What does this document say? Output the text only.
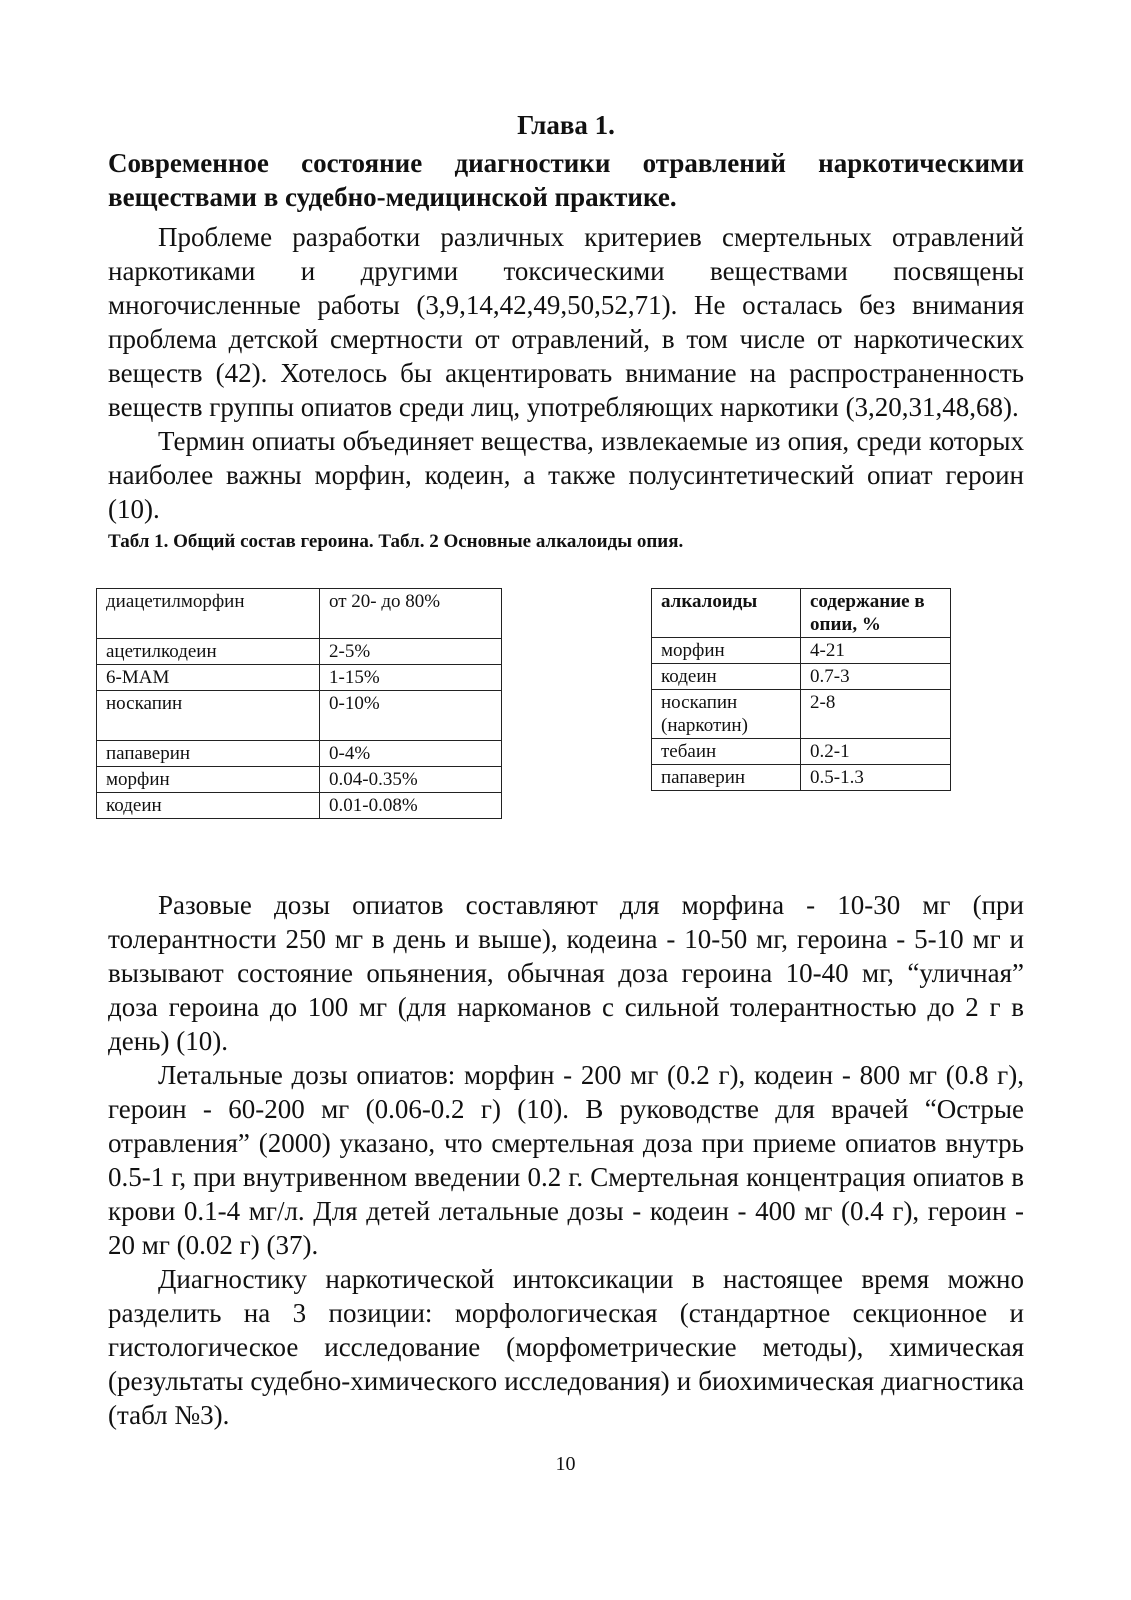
Глава 1.
Современное состояние диагностики отравлений наркотическими веществами в судебно-медицинской практике.

Проблеме разработки различных критериев смертельных отравлений наркотиками и другими токсическими веществами посвящены многочисленные работы (3,9,14,42,49,50,52,71). Не осталась без внимания проблема детской смертности от отравлений, в том числе от наркотических веществ (42). Хотелось бы акцентировать внимание на распространенность веществ группы опиатов среди лиц, употребляющих наркотики (3,20,31,48,68).

Термин опиаты объединяет вещества, извлекаемые из опия, среди которых наиболее важны морфин, кодеин, а также полусинтетический опиат героин (10).

Табл 1. Общий состав героина. Табл. 2 Основные алкалоиды опия.
диацетилморфин	от 20- до 80%
ацетилкодеин	2-5%
6-МАМ	1-15%
носкапин	0-10%
папаверин	0-4%
морфин	0.04-0.35%
кодеин	0.01-0.08%
алкалоиды	содержание в опии, %
морфин	4-21
кодеин	0.7-3
носкапин (наркотин)	2-8
тебаин	0.2-1
папаверин	0.5-1.3

Разовые дозы опиатов составляют для морфина - 10-30 мг (при толерантности 250 мг в день и выше), кодеина - 10-50 мг, героина - 5-10 мг и вызывают состояние опьянения, обычная доза героина 10-40 мг, “уличная” доза героина до 100 мг (для наркоманов с сильной толерантностью до 2 г в день) (10).

Летальные дозы опиатов: морфин - 200 мг (0.2 г), кодеин - 800 мг (0.8 г), героин - 60-200 мг (0.06-0.2 г) (10). В руководстве для врачей “Острые отравления” (2000) указано, что смертельная доза при приеме опиатов внутрь 0.5-1 г, при внутривенном введении 0.2 г. Смертельная концентрация опиатов в крови 0.1-4 мг/л. Для детей летальные дозы - кодеин - 400 мг (0.4 г), героин - 20 мг (0.02 г) (37).

Диагностику наркотической интоксикации в настоящее время можно разделить на 3 позиции: морфологическая (стандартное секционное и гистологическое исследование (морфометрические методы), химическая (результаты судебно-химического исследования) и биохимическая диагностика (табл №3).

10
